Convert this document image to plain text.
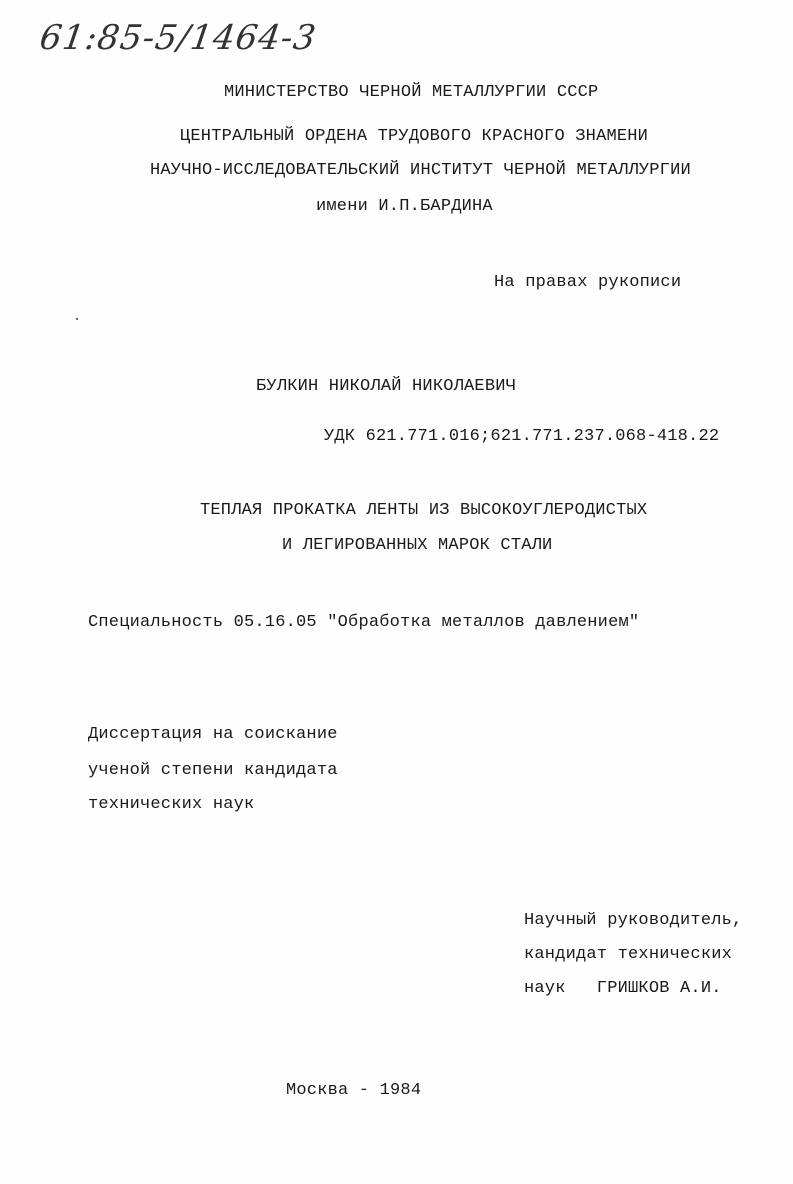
61:85-5/1464-3
МИНИСТЕРСТВО ЧЕРНОЙ МЕТАЛЛУРГИИ СССР
ЦЕНТРАЛЬНЫЙ ОРДЕНА ТРУДОВОГО КРАСНОГО ЗНАМЕНИ
НАУЧНО-ИССЛЕДОВАТЕЛЬСКИЙ ИНСТИТУТ ЧЕРНОЙ МЕТАЛЛУРГИИ
имени И.П.БАРДИНА
На правах рукописи
БУЛКИН НИКОЛАЙ НИКОЛАЕВИЧ
УДК 621.771.016;621.771.237.068-418.22
ТЕПЛАЯ ПРОКАТКА ЛЕНТЫ ИЗ ВЫСОКОУГЛЕРОДИСТЫХ
И ЛЕГИРОВАННЫХ МАРОК СТАЛИ
Специальность 05.16.05 "Обработка металлов давлением"
Диссертация на соискание
ученой степени кандидата
технических наук
Научный руководитель,
кандидат технических
наук   ГРИШКОВ А.И.
Москва - 1984
